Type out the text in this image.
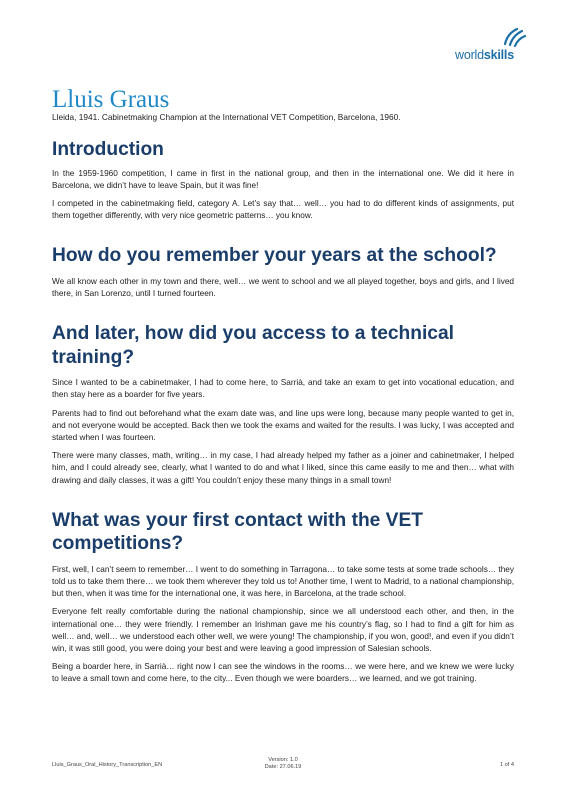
worldskills
Lluis Graus

Lleida, 1941. Cabinetmaking Champion at the International VET Competition, Barcelona, 1960.

Introduction

In the 1959-1960 competition, I came in first in the national group, and then in the international one. We did it here in Barcelona, we didn’t have to leave Spain, but it was fine!

I competed in the cabinetmaking field, category A. Let’s say that… well… you had to do different kinds of assignments, put them together differently, with very nice geometric patterns… you know.

How do you remember your years at the school?

We all know each other in my town and there, well… we went to school and we all played together, boys and girls, and I lived there, in San Lorenzo, until I turned fourteen.

And later, how did you access to a technical training?

Since I wanted to be a cabinetmaker, I had to come here, to Sarrià, and take an exam to get into vocational education, and then stay here as a boarder for five years.

Parents had to find out beforehand what the exam date was, and line ups were long, because many people wanted to get in, and not everyone would be accepted. Back then we took the exams and waited for the results. I was lucky, I was accepted and started when I was fourteen.

There were many classes, math, writing… in my case, I had already helped my father as a joiner and cabinetmaker, I helped him, and I could already see, clearly, what I wanted to do and what I liked, since this came easily to me and then… what with drawing and daily classes, it was a gift! You couldn’t enjoy these many things in a small town!

What was your first contact with the VET competitions?

First, well, I can’t seem to remember… I went to do something in Tarragona… to take some tests at some trade schools… they told us to take them there… we took them wherever they told us to! Another time, I went to Madrid, to a national championship, but then, when it was time for the international one, it was here, in Barcelona, at the trade school.

Everyone felt really comfortable during the national championship, since we all understood each other, and then, in the international one… they were friendly. I remember an Irishman gave me his country’s flag, so I had to find a gift for him as well… and, well… we understood each other well, we were young! The championship, if you won, good!, and even if you didn’t win, it was still good, you were doing your best and were leaving a good impression of Salesian schools.

Being a boarder here, in Sarrià… right now I can see the windows in the rooms… we were here, and we knew we were lucky to leave a small town and come here, to the city... Even though we were boarders… we learned, and we got training.

Lluis_Graus_Oral_History_Transcription_EN
Version: 1.0
Date: 27.06.19	1 of 4
